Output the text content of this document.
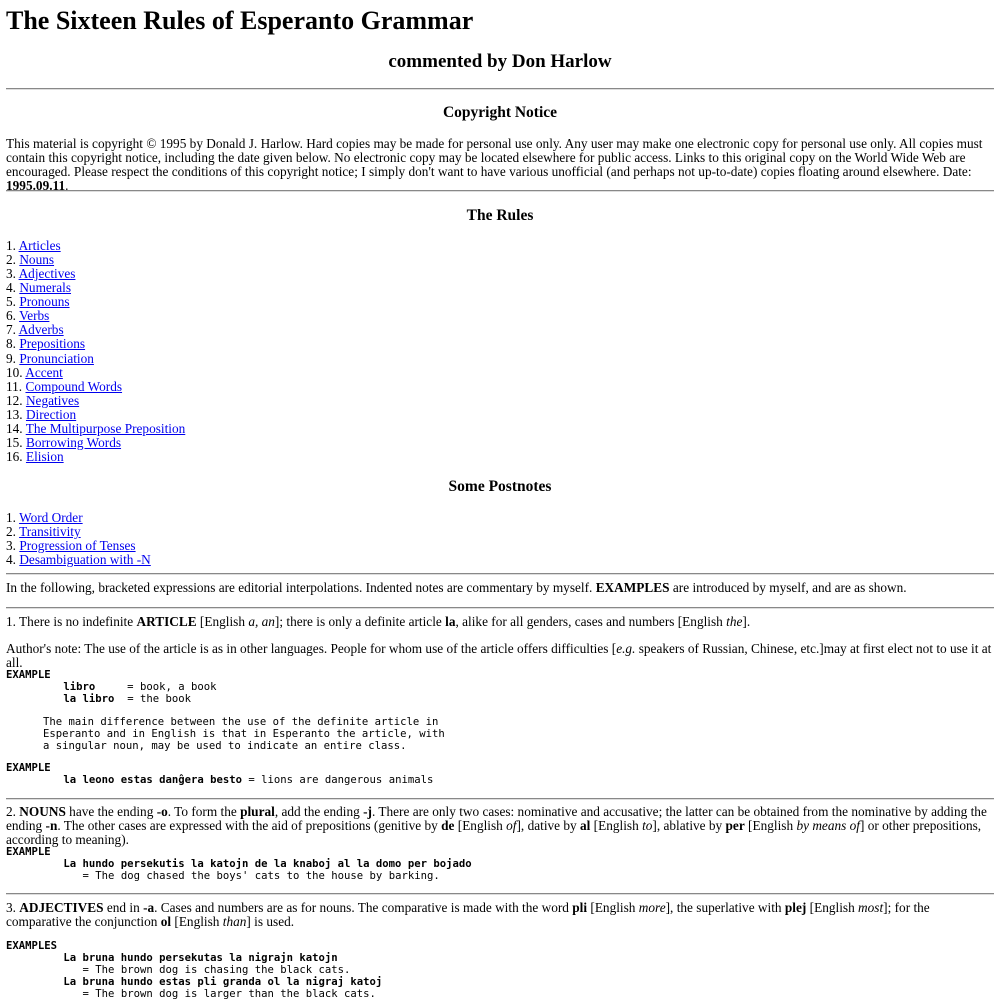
The Sixteen Rules of Esperanto Grammar
commented by Don Harlow
Copyright Notice

This material is copyright © 1995 by Donald J. Harlow. Hard copies may be made for personal use only. Any user may make one electronic copy for personal use only. All copies must contain this copyright notice, including the date given below. No electronic copy may be located elsewhere for public access. Links to this original copy on the World Wide Web are encouraged. Please respect the conditions of this copyright notice; I simply don't want to have various unofficial (and perhaps not up-to-date) copies floating around elsewhere. Date: 1995.09.11.

The Rules
1. Articles
2. Nouns
3. Adjectives
4. Numerals
5. Pronouns
6. Verbs
7. Adverbs
8. Prepositions
9. Pronunciation
10. Accent
11. Compound Words
12. Negatives
13. Direction
14. The Multipurpose Preposition
15. Borrowing Words
16. Elision
Some Postnotes
1. Word Order
2. Transitivity
3. Progression of Tenses
4. Desambiguation with -N

In the following, bracketed expressions are editorial interpolations. Indented notes are commentary by myself. EXAMPLES are introduced by myself, and are as shown.

1. There is no indefinite ARTICLE [English a, an]; there is only a definite article la, alike for all genders, cases and numbers [English the].

Author's note: The use of the article is as in other languages. People for whom use of the article offers difficulties [e.g. speakers of Russian, Chinese, etc.]may at first elect not to use it at all.

EXAMPLE
libro     = book, a book
la libro  = the book
The main difference between the use of the definite article in
Esperanto and in English is that in Esperanto the article, with
a singular noun, may be used to indicate an entire class.
EXAMPLE
la leono estas danĝera besto = lions are dangerous animals

2. NOUNS have the ending -o. To form the plural, add the ending -j. There are only two cases: nominative and accusative; the latter can be obtained from the nominative by adding the ending -n. The other cases are expressed with the aid of prepositions (genitive by de [English of], dative by al [English to], ablative by per [English by means of] or other prepositions, according to meaning).

EXAMPLE
La hundo persekutis la katojn de la knaboj al la domo per bojado
= The dog chased the boys' cats to the house by barking.

3. ADJECTIVES end in -a. Cases and numbers are as for nouns. The comparative is made with the word pli [English more], the superlative with plej [English most]; for the comparative the conjunction ol [English than] is used.

EXAMPLES
La bruna hundo persekutas la nigrajn katojn
= The brown dog is chasing the black cats.
La bruna hundo estas pli granda ol la nigraj katoj
= The brown dog is larger than the black cats.
